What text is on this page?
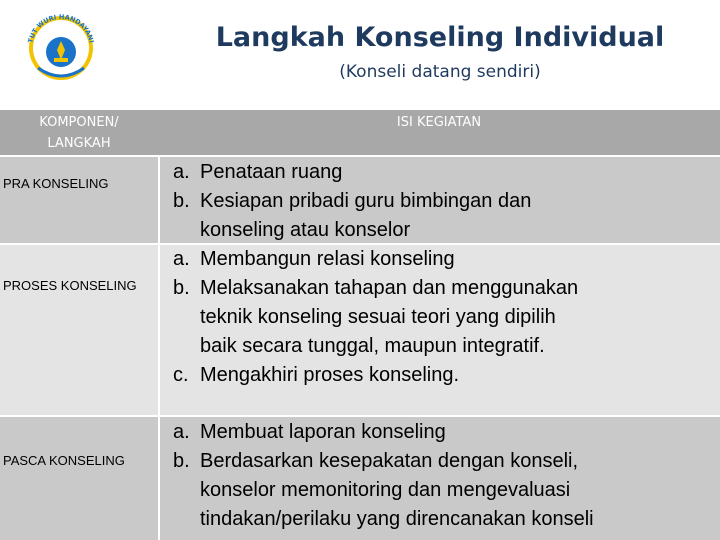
TUT WURI HANDAYANI	Langkah Konseling Individual
(Konseli datang sendiri)
KOMPONEN/
LANGKAH
ISI KEGIATAN
PRA KONSELING
PROSES KONSELING
PASCA KONSELING
a. Penataan ruang
b. Kesiapan pribadi guru bimbingan dan
konseling atau konselor
a. Membangun relasi konseling
b. Melaksanakan tahapan dan menggunakan
teknik konseling sesuai teori yang dipilih
baik secara tunggal, maupun integratif.
c. Mengakhiri proses konseling.
a. Membuat laporan konseling
b. Berdasarkan kesepakatan dengan konseli,
konselor memonitoring dan mengevaluasi
tindakan/perilaku yang direncanakan konseli
